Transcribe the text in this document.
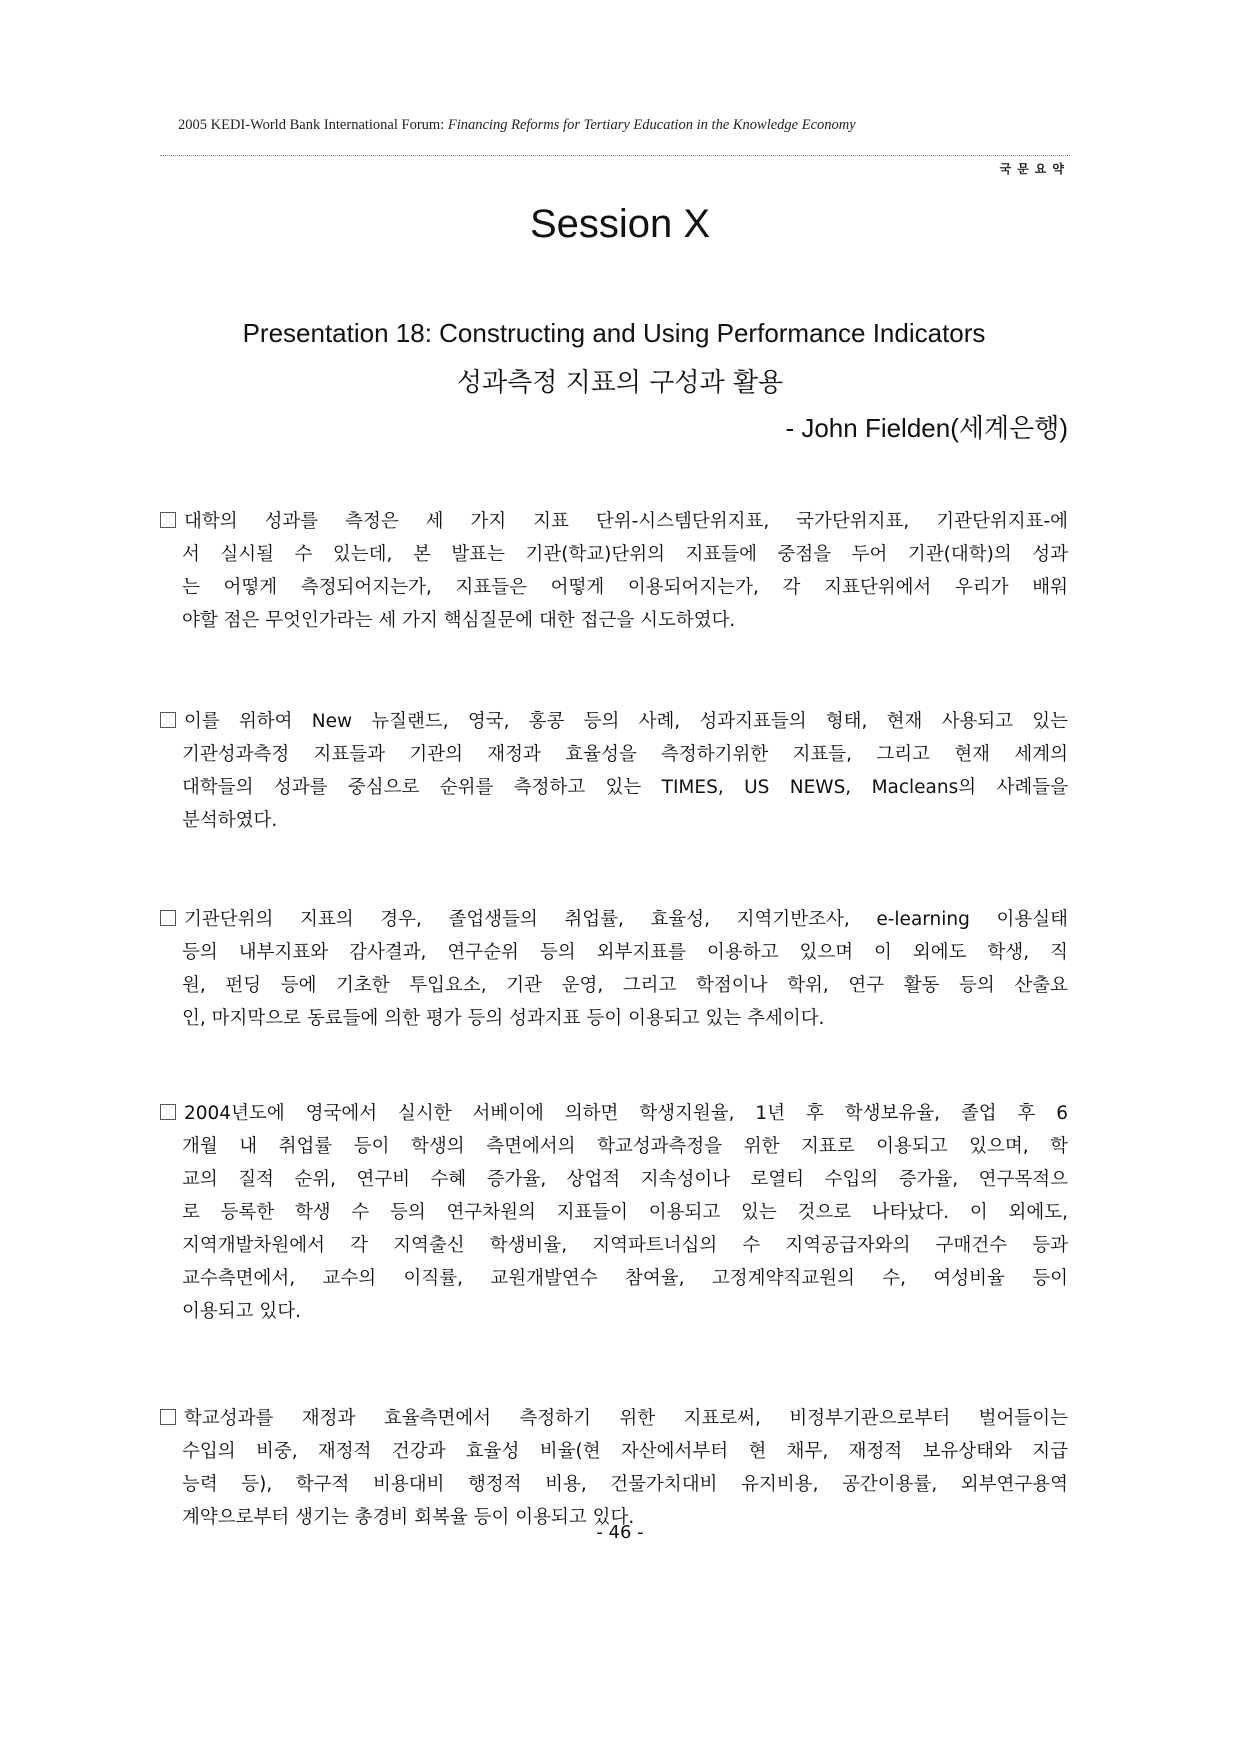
2005 KEDI-World Bank International Forum: Financing Reforms for Tertiary Education in the Knowledge Economy
국문요약
Session X
Presentation 18: Constructing and Using Performance Indicators
성과측정 지표의 구성과 활용
- John Fielden(세계은행)
대학의 성과를 측정은 세 가지 지표 단위-시스템단위지표, 국가단위지표, 기관단위지표-에
서 실시될 수 있는데, 본 발표는 기관(학교)단위의 지표들에 중점을 두어 기관(대학)의 성과
는 어떻게 측정되어지는가, 지표들은 어떻게 이용되어지는가, 각 지표단위에서 우리가 배워
야할 점은 무엇인가라는 세 가지 핵심질문에 대한 접근을 시도하였다.
이를 위하여 New 뉴질랜드, 영국, 홍콩 등의 사례, 성과지표들의 형태, 현재 사용되고 있는
기관성과측정 지표들과 기관의 재정과 효율성을 측정하기위한 지표들, 그리고 현재 세계의
대학들의 성과를 중심으로 순위를 측정하고 있는 TIMES, US NEWS, Macleans의 사례들을
분석하였다.
기관단위의 지표의 경우, 졸업생들의 취업률, 효율성, 지역기반조사, e-learning 이용실태
등의 내부지표와 감사결과, 연구순위 등의 외부지표를 이용하고 있으며 이 외에도 학생, 직
원, 펀딩 등에 기초한 투입요소, 기관 운영, 그리고 학점이나 학위, 연구 활동 등의 산출요
인, 마지막으로 동료들에 의한 평가 등의 성과지표 등이 이용되고 있는 추세이다.
2004년도에 영국에서 실시한 서베이에 의하면 학생지원율, 1년 후 학생보유율, 졸업 후 6
개월 내 취업률 등이 학생의 측면에서의 학교성과측정을 위한 지표로 이용되고 있으며, 학
교의 질적 순위, 연구비 수혜 증가율, 상업적 지속성이나 로열티 수입의 증가율, 연구목적으
로 등록한 학생 수 등의 연구차원의 지표들이 이용되고 있는 것으로 나타났다. 이 외에도,
지역개발차원에서 각 지역출신 학생비율, 지역파트너십의 수 지역공급자와의 구매건수 등과
교수측면에서, 교수의 이직률, 교원개발연수 참여율, 고정계약직교원의 수, 여성비율 등이
이용되고 있다.
학교성과를 재정과 효율측면에서 측정하기 위한 지표로써, 비정부기관으로부터 벌어들이는
수입의 비중, 재정적 건강과 효율성 비율(현 자산에서부터 현 채무, 재정적 보유상태와 지급
능력 등), 학구적 비용대비 행정적 비용, 건물가치대비 유지비용, 공간이용률, 외부연구용역
계약으로부터 생기는 총경비 회복율 등이 이용되고 있다.
- 46 -
